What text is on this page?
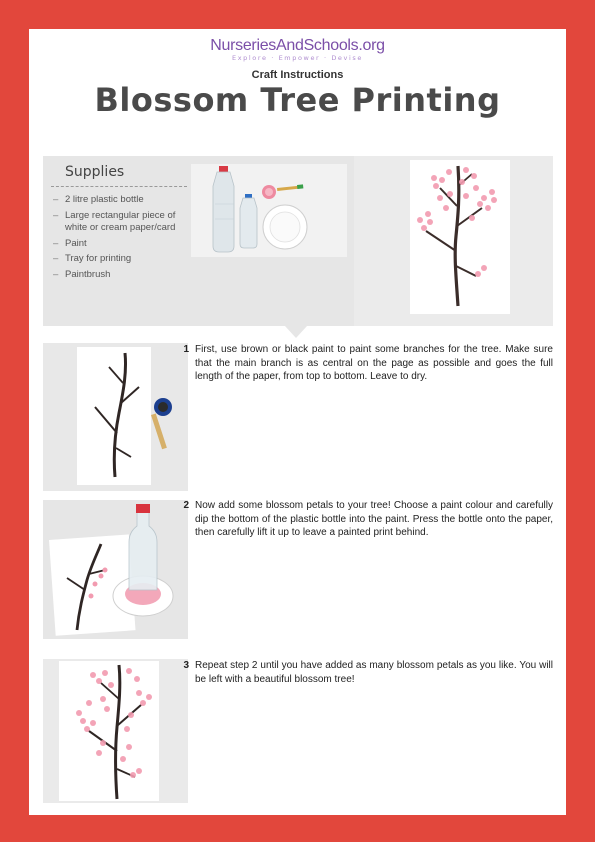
NurseriesAndSchools.org
Explore · Empower · Devise
Craft Instructions
Blossom Tree Printing
Supplies
– 2 litre plastic bottle
– Large rectangular piece of white or cream paper/card
– Paint
– Tray for printing
– Paintbrush
1 First, use brown or black paint to paint some branches for the tree. Make sure that the main branch is as central on the page as possible and goes the full length of the paper, from top to bottom. Leave to dry.
2 Now add some blossom petals to your tree! Choose a paint colour and carefully dip the bottom of the plastic bottle into the paint. Press the bottle onto the paper, then carefully lift it up to leave a painted print behind.
3 Repeat step 2 until you have added as many blossom petals as you like. You will be left with a beautiful blossom tree!
